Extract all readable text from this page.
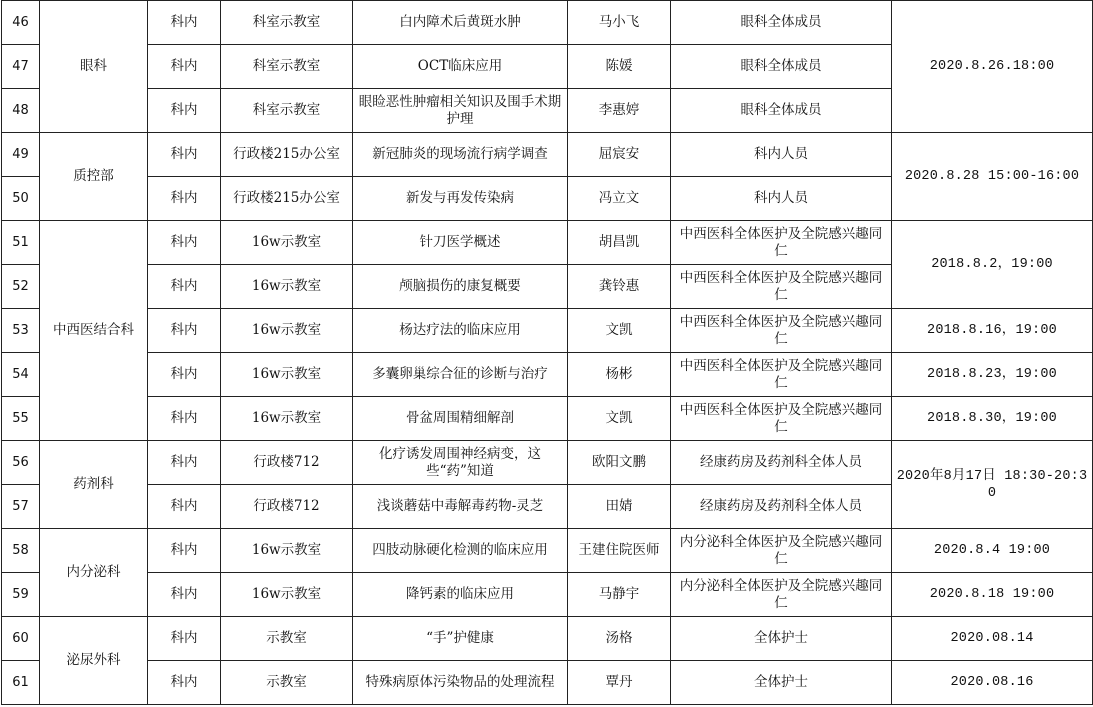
46	眼科	科内	科室示教室	白内障术后黄斑水肿	马小飞	眼科全体成员	2020.8.26.18:00
47		科内	科室示教室	OCT临床应用	陈媛	眼科全体成员	
48		科内	科室示教室	眼睑恶性肿瘤相关知识及围手术期护理	李惠婷	眼科全体成员	
49	质控部	科内	行政楼215办公室	新冠肺炎的现场流行病学调查	屈宸安	科内人员	2020.8.28 15:00-16:00
50		科内	行政楼215办公室	新发与再发传染病	冯立文	科内人员	
51	中西医结合科	科内	16w示教室	针刀医学概述	胡昌凯	中西医科全体医护及全院感兴趣同仁	2018.8.2，19:00
52		科内	16w示教室	颅脑损伤的康复概要	龚铃惠	中西医科全体医护及全院感兴趣同仁	
53		科内	16w示教室	杨达疗法的临床应用	文凯	中西医科全体医护及全院感兴趣同仁	2018.8.16，19:00
54		科内	16w示教室	多囊卵巢综合征的诊断与治疗	杨彬	中西医科全体医护及全院感兴趣同仁	2018.8.23，19:00
55		科内	16w示教室	骨盆周围精细解剖	文凯	中西医科全体医护及全院感兴趣同仁	2018.8.30，19:00
56	药剂科	科内	行政楼712	化疗诱发周围神经病变，这些“药”知道	欧阳文鹏	经康药房及药剂科全体人员	2020年8月17日 18:30-20:30
57		科内	行政楼712	浅谈蘑菇中毒解毒药物-灵芝	田婧	经康药房及药剂科全体人员	
58	内分泌科	科内	16w示教室	四肢动脉硬化检测的临床应用	王建住院医师	内分泌科全体医护及全院感兴趣同仁	2020.8.4 19:00
59		科内	16w示教室	降钙素的临床应用	马静宇	内分泌科全体医护及全院感兴趣同仁	2020.8.18 19:00
60	泌尿外科	科内	示教室	“手”护健康	汤格	全体护士	2020.08.14
61		科内	示教室	特殊病原体污染物品的处理流程	覃丹	全体护士	2020.08.16
